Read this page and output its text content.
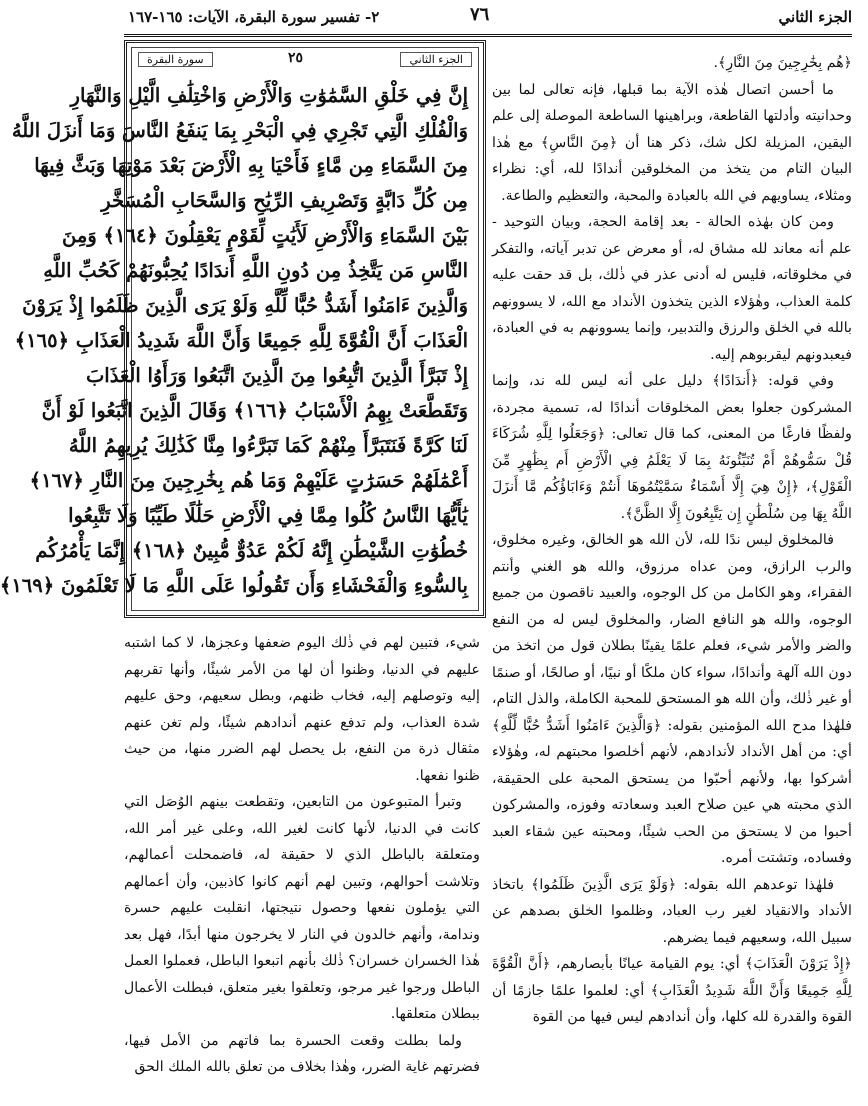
الجزء الثاني
٧٦
٢- تفسير سورة البقرة، الآيات: ١٦٥-١٦٧

﴿هُم بِخَٰرِجِينَ مِنَ النَّارِ﴾.

ما أحسن اتصال هٰذه الآية بما قبلها، فإنه تعالى لما بين وحدانيته وأدلتها القاطعة، وبراهينها الساطعة الموصلة إلى علم اليقين، المزيلة لكل شك، ذكر هنا أن ﴿مِنَ النَّاسِ﴾ مع هٰذا البيان التام من يتخذ من المخلوقين أندادًا لله، أي: نظراء ومثلاء، يساويهم في الله بالعبادة والمحبة، والتعظيم والطاعة.

ومن كان بهٰذه الحالة - بعد إقامة الحجة، وبيان التوحيد - علم أنه معاند لله مشاق له، أو معرض عن تدبر آياته، والتفكر في مخلوقاته، فليس له أدنى عذر في ذٰلك، بل قد حقت عليه كلمة العذاب، وهٰؤلاء الذين يتخذون الأنداد مع الله، لا يسوونهم بالله في الخلق والرزق والتدبير، وإنما يسوونهم به في العبادة، فيعبدونهم ليقربوهم إليه.

وفي قوله: ﴿أَندَادًا﴾ دليل على أنه ليس لله ند، وإنما المشركون جعلوا بعض المخلوقات أندادًا له، تسمية مجردة، ولفظًا فارغًا من المعنى، كما قال تعالى: ﴿وَجَعَلُوا لِلَّهِ شُرَكَاءَ قُلْ سَمُّوهُمْ أَمْ تُنَبِّئُونَهُ بِمَا لَا يَعْلَمُ فِي الْأَرْضِ أَم بِظَٰهِرٍ مِّنَ الْقَوْلِ﴾، ﴿إِنْ هِيَ إِلَّا أَسْمَاءٌ سَمَّيْتُمُوهَا أَنتُمْ وَءَابَاؤُكُم مَّا أَنزَلَ اللَّهُ بِهَا مِن سُلْطَٰنٍ إِن يَتَّبِعُونَ إِلَّا الظَّنَّ﴾.

فالمخلوق ليس ندًا لله، لأن الله هو الخالق، وغيره مخلوق، والرب الرازق، ومن عداه مرزوق، والله هو الغني وأنتم الفقراء، وهو الكامل من كل الوجوه، والعبيد ناقصون من جميع الوجوه، والله هو النافع الضار، والمخلوق ليس له من النفع والضر والأمر شيء، فعلم علمًا يقينًا بطلان قول من اتخذ من دون الله آلهة وأندادًا، سواء كان ملكًا أو نبيًا، أو صالحًا، أو صنمًا أو غير ذٰلك، وأن الله هو المستحق للمحبة الكاملة، والذل التام، فلهٰذا مدح الله المؤمنين بقوله: ﴿وَالَّذِينَ ءَامَنُوا أَشَدُّ حُبًّا لِّلَّهِ﴾ أي: من أهل الأنداد لأندادهم، لأنهم أخلصوا محبتهم له، وهٰؤلاء أشركوا بها، ولأنهم أحبّوا من يستحق المحبة على الحقيقة، الذي محبته هي عين صلاح العبد وسعادته وفوزه، والمشركون أحبوا من لا يستحق من الحب شيئًا، ومحبته عين شقاء العبد وفساده، وتشتت أمره.

فلهٰذا توعدهم الله بقوله: ﴿وَلَوْ يَرَى الَّذِينَ ظَلَمُوا﴾ باتخاذ الأنداد والانقياد لغير رب العباد، وظلموا الخلق بصدهم عن سبيل الله، وسعيهم فيما يضرهم.

﴿إِذْ يَرَوْنَ الْعَذَابَ﴾ أي: يوم القيامة عيانًا بأبصارهم، ﴿أَنَّ الْقُوَّةَ لِلَّهِ جَمِيعًا وَأَنَّ اللَّهَ شَدِيدُ الْعَذَابِ﴾ أي: لعلموا علمًا جازمًا أن القوة والقدرة لله كلها، وأن أندادهم ليس فيها من القوة

الجزء الثاني
٢٥
سورة البقرة
إِنَّ فِي خَلْقِ السَّمَٰوَٰتِ وَالْأَرْضِ وَاخْتِلَٰفِ الَّيْلِ وَالنَّهَارِ
وَالْفُلْكِ الَّتِي تَجْرِي فِي الْبَحْرِ بِمَا يَنفَعُ النَّاسَ وَمَا أَنزَلَ اللَّهُ
مِنَ السَّمَاءِ مِن مَّاءٍ فَأَحْيَا بِهِ الْأَرْضَ بَعْدَ مَوْتِهَا وَبَثَّ فِيهَا
مِن كُلِّ دَابَّةٍ وَتَصْرِيفِ الرِّيَٰحِ وَالسَّحَابِ الْمُسَخَّرِ
بَيْنَ السَّمَاءِ وَالْأَرْضِ لَأَيَٰتٍ لِّقَوْمٍ يَعْقِلُونَ ﴿١٦٤﴾ وَمِنَ
النَّاسِ مَن يَتَّخِذُ مِن دُونِ اللَّهِ أَندَادًا يُحِبُّونَهُمْ كَحُبِّ اللَّهِ
وَالَّذِينَ ءَامَنُوا أَشَدُّ حُبًّا لِّلَّهِ وَلَوْ يَرَى الَّذِينَ ظَلَمُوا إِذْ يَرَوْنَ
الْعَذَابَ أَنَّ الْقُوَّةَ لِلَّهِ جَمِيعًا وَأَنَّ اللَّهَ شَدِيدُ الْعَذَابِ ﴿١٦٥﴾
إِذْ تَبَرَّأَ الَّذِينَ اتُّبِعُوا مِنَ الَّذِينَ اتَّبَعُوا وَرَأَوُا الْعَذَابَ
وَتَقَطَّعَتْ بِهِمُ الْأَسْبَابُ ﴿١٦٦﴾ وَقَالَ الَّذِينَ اتَّبَعُوا لَوْ أَنَّ
لَنَا كَرَّةً فَنَتَبَرَّأَ مِنْهُمْ كَمَا تَبَرَّءُوا مِنَّا كَذَٰلِكَ يُرِيهِمُ اللَّهُ
أَعْمَٰلَهُمْ حَسَرَٰتٍ عَلَيْهِمْ وَمَا هُم بِخَٰرِجِينَ مِنَ النَّارِ ﴿١٦٧﴾
يَٰأَيُّهَا النَّاسُ كُلُوا مِمَّا فِي الْأَرْضِ حَلَٰلًا طَيِّبًا وَلَا تَتَّبِعُوا
خُطُوَٰتِ الشَّيْطَٰنِ إِنَّهُ لَكُمْ عَدُوٌّ مُّبِينٌ ﴿١٦٨﴾ إِنَّمَا يَأْمُرُكُم
بِالسُّوءِ وَالْفَحْشَاءِ وَأَن تَقُولُوا عَلَى اللَّهِ مَا لَا تَعْلَمُونَ ﴿١٦٩﴾

شيء، فتبين لهم في ذٰلك اليوم ضعفها وعجزها، لا كما اشتبه عليهم في الدنيا، وظنوا أن لها من الأمر شيئًا، وأنها تقربهم إليه وتوصلهم إليه، فخاب ظنهم، وبطل سعيهم، وحق عليهم شدة العذاب، ولم تدفع عنهم أندادهم شيئًا، ولم تغن عنهم مثقال ذرة من النفع، بل يحصل لهم الضرر منها، من حيث ظنوا نفعها.

وتبرأ المتبوعون من التابعين، وتقطعت بينهم الوُصَل التي كانت في الدنيا، لأنها كانت لغير الله، وعلى غير أمر الله، ومتعلقة بالباطل الذي لا حقيقة له، فاضمحلت أعمالهم، وتلاشت أحوالهم، وتبين لهم أنهم كانوا كاذبين، وأن أعمالهم التي يؤملون نفعها وحصول نتيجتها، انقلبت عليهم حسرة وندامة، وأنهم خالدون في النار لا يخرجون منها أبدًا، فهل بعد هٰذا الخسران خسران؟ ذٰلك بأنهم اتبعوا الباطل، فعملوا العمل الباطل ورجوا غير مرجو، وتعلقوا بغير متعلق، فبطلت الأعمال ببطلان متعلقها.

ولما بطلت وقعت الحسرة بما فاتهم من الأمل فيها، فضرتهم غاية الضرر، وهٰذا بخلاف من تعلق بالله الملك الحق
